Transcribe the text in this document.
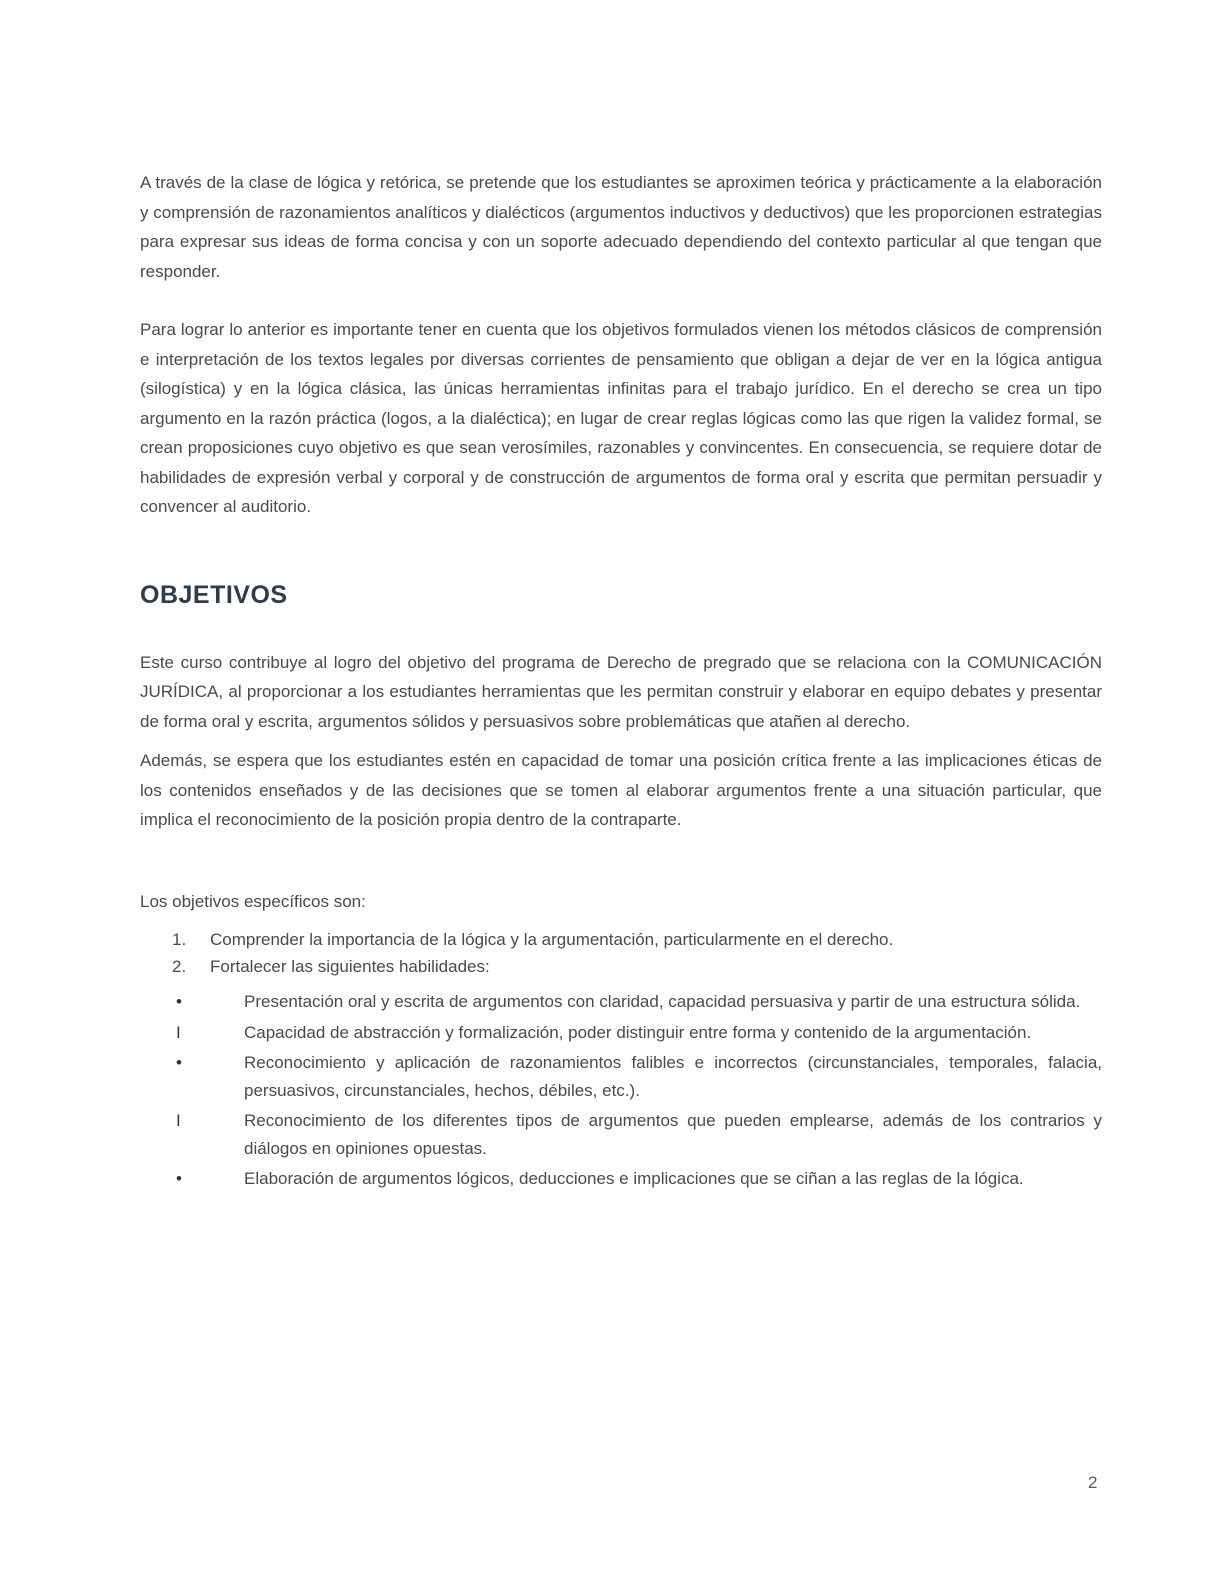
A través de la clase de lógica y retórica, se pretende que los estudiantes se aproximen teórica y prácticamente a la elaboración y comprensión de razonamientos analíticos y dialécticos (argumentos inductivos y deductivos) que les proporcionen estrategias para expresar sus ideas de forma concisa y con un soporte adecuado dependiendo del contexto particular al que tengan que responder.

Para lograr lo anterior es importante tener en cuenta que los objetivos formulados vienen los métodos clásicos de comprensión e interpretación de los textos legales por diversas corrientes de pensamiento que obligan a dejar de ver en la lógica antigua (silogística) y en la lógica clásica, las únicas herramientas infinitas para el trabajo jurídico. En el derecho se crea un tipo argumento en la razón práctica (logos, a la dialéctica); en lugar de crear reglas lógicas como las que rigen la validez formal, se crean proposiciones cuyo objetivo es que sean verosímiles, razonables y convincentes. En consecuencia, se requiere dotar de habilidades de expresión verbal y corporal y de construcción de argumentos de forma oral y escrita que permitan persuadir y convencer al auditorio.

OBJETIVOS

Este curso contribuye al logro del objetivo del programa de Derecho de pregrado que se relaciona con la COMUNICACIÓN JURÍDICA, al proporcionar a los estudiantes herramientas que les permitan construir y elaborar en equipo debates y presentar de forma oral y escrita, argumentos sólidos y persuasivos sobre problemáticas que atañen al derecho.

Además, se espera que los estudiantes estén en capacidad de tomar una posición crítica frente a las implicaciones éticas de los contenidos enseñados y de las decisiones que se tomen al elaborar argumentos frente a una situación particular, que implica el reconocimiento de la posición propia dentro de la contraparte.

Los objetivos específicos son:

1.	Comprender la importancia de la lógica y la argumentación, particularmente en el derecho.
2.	Fortalecer las siguientes habilidades:
•	Presentación oral y escrita de argumentos con claridad, capacidad persuasiva y partir de una estructura sólida.
I	Capacidad de abstracción y formalización, poder distinguir entre forma y contenido de la argumentación.
•	Reconocimiento y aplicación de razonamientos falibles e incorrectos (circunstanciales, temporales, falacia, persuasivos, circunstanciales, hechos, débiles, etc.).
I	Reconocimiento de los diferentes tipos de argumentos que pueden emplearse, además de los contrarios y diálogos en opiniones opuestas.
•	Elaboración de argumentos lógicos, deducciones e implicaciones que se ciñan a las reglas de la lógica.
2
